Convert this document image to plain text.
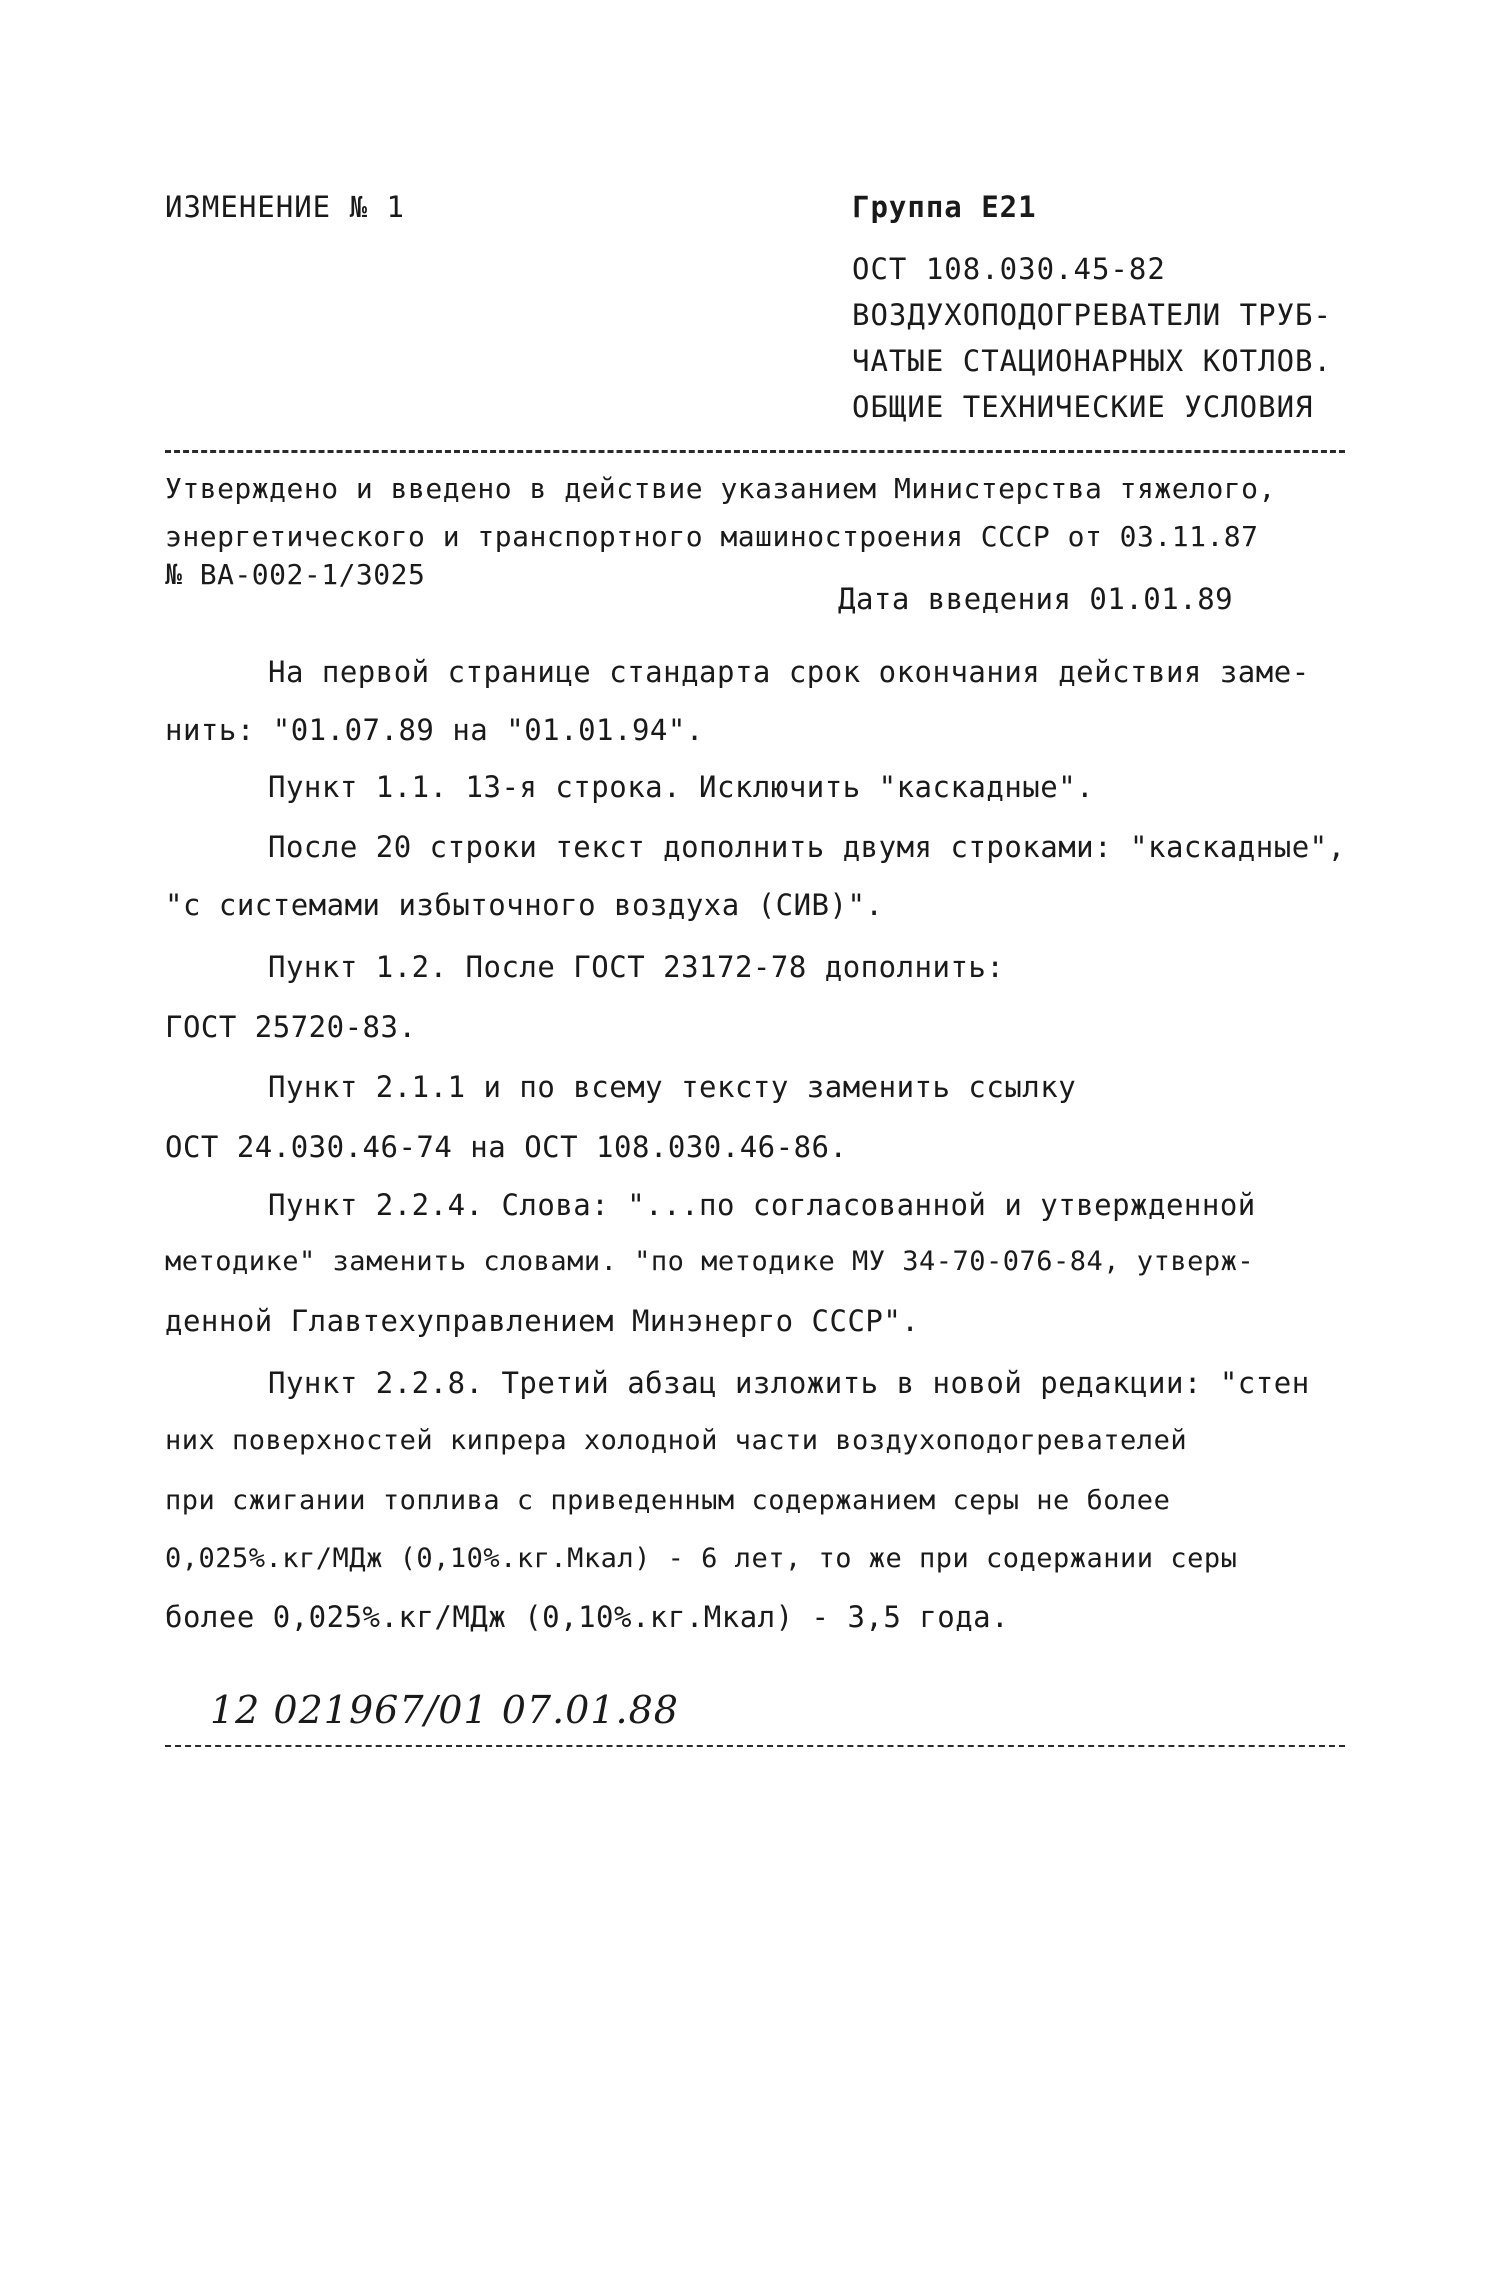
ИЗМЕНЕНИЕ № 1	Группа Е21
ОСТ 108.030.45-82
ВОЗДУХОПОДОГРЕВАТЕЛИ ТРУБ-
ЧАТЫЕ СТАЦИОНАРНЫХ КОТЛОВ.
ОБЩИЕ ТЕХНИЧЕСКИЕ УСЛОВИЯ
Утверждено и введено в действие указанием Министерства тяжелого,
энергетического и транспортного машиностроения СССР от 03.11.87
№ ВА-002-1/3025
Дата введения 01.01.89
На первой странице стандарта срок окончания действия заме-
нить: "01.07.89 на "01.01.94".
Пункт 1.1. 13-я строка. Исключить "каскадные".
После 20 строки текст дополнить двумя строками: "каскадные",
"с системами избыточного воздуха (СИВ)".
Пункт 1.2. После ГОСТ 23172-78 дополнить:
ГОСТ 25720-83.
Пункт 2.1.1 и по всему тексту заменить ссылку
ОСТ 24.030.46-74 на ОСТ 108.030.46-86.
Пункт 2.2.4. Слова: "...по согласованной и утвержденной
методике" заменить словами. "по методике МУ 34-70-076-84, утверж-
денной Главтехуправлением Минэнерго СССР".
Пункт 2.2.8. Третий абзац изложить в новой редакции: "стен
них поверхностей кипрера холодной части воздухоподогревателей
при сжигании топлива с приведенным содержанием серы не более
0,025%.кг/МДж (0,10%.кг.Мкал) - 6 лет, то же при содержании серы
более 0,025%.кг/МДж (0,10%.кг.Мкал) - 3,5 года.
12 021967/01 07.01.88
